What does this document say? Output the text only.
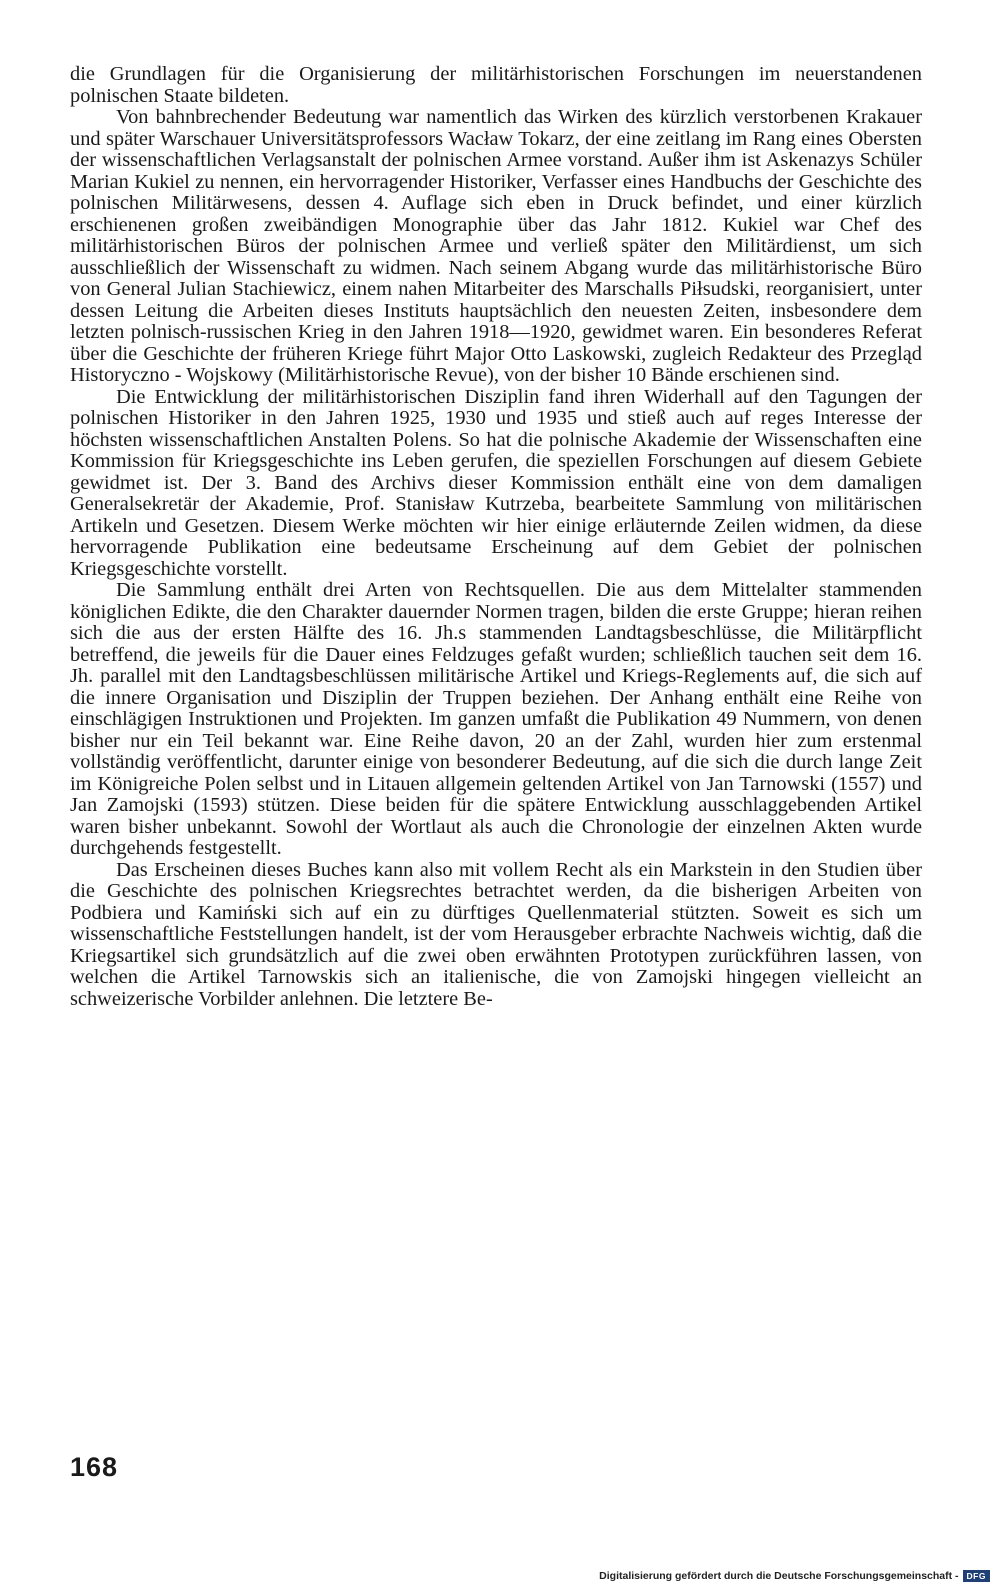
die Grundlagen für die Organisierung der militärhistorischen Forschungen im neuerstandenen polnischen Staate bildeten.

Von bahnbrechender Bedeutung war namentlich das Wirken des kürzlich verstorbenen Krakauer und später Warschauer Universitätsprofessors Wacław Tokarz, der eine zeitlang im Rang eines Obersten der wissenschaftlichen Verlagsanstalt der polnischen Armee vorstand. Außer ihm ist Askenazys Schüler Marian Kukiel zu nennen, ein hervorragender Historiker, Verfasser eines Handbuchs der Geschichte des polnischen Militärwesens, dessen 4. Auflage sich eben in Druck befindet, und einer kürzlich erschienenen großen zweibändigen Monographie über das Jahr 1812. Kukiel war Chef des militärhistorischen Büros der polnischen Armee und verließ später den Militärdienst, um sich ausschließlich der Wissenschaft zu widmen. Nach seinem Abgang wurde das militärhistorische Büro von General Julian Stachiewicz, einem nahen Mitarbeiter des Marschalls Piłsudski, reorganisiert, unter dessen Leitung die Arbeiten dieses Instituts hauptsächlich den neuesten Zeiten, insbesondere dem letzten polnisch-russischen Krieg in den Jahren 1918—1920, gewidmet waren. Ein besonderes Referat über die Geschichte der früheren Kriege führt Major Otto Laskowski, zugleich Redakteur des Przegląd Historyczno - Wojskowy (Militärhistorische Revue), von der bisher 10 Bände erschienen sind.

Die Entwicklung der militärhistorischen Disziplin fand ihren Widerhall auf den Tagungen der polnischen Historiker in den Jahren 1925, 1930 und 1935 und stieß auch auf reges Interesse der höchsten wissenschaftlichen Anstalten Polens. So hat die polnische Akademie der Wissenschaften eine Kommission für Kriegsgeschichte ins Leben gerufen, die speziellen Forschungen auf diesem Gebiete gewidmet ist. Der 3. Band des Archivs dieser Kommission enthält eine von dem damaligen Generalsekretär der Akademie, Prof. Stanisław Kutrzeba, bearbeitete Sammlung von militärischen Artikeln und Gesetzen. Diesem Werke möchten wir hier einige erläuternde Zeilen widmen, da diese hervorragende Publikation eine bedeutsame Erscheinung auf dem Gebiet der polnischen Kriegsgeschichte vorstellt.

Die Sammlung enthält drei Arten von Rechtsquellen. Die aus dem Mittelalter stammenden königlichen Edikte, die den Charakter dauernder Normen tragen, bilden die erste Gruppe; hieran reihen sich die aus der ersten Hälfte des 16. Jh.s stammenden Landtagsbeschlüsse, die Militärpflicht betreffend, die jeweils für die Dauer eines Feldzuges gefaßt wurden; schließlich tauchen seit dem 16. Jh. parallel mit den Landtagsbeschlüssen militärische Artikel und Kriegs-Reglements auf, die sich auf die innere Organisation und Disziplin der Truppen beziehen. Der Anhang enthält eine Reihe von einschlägigen Instruktionen und Projekten. Im ganzen umfaßt die Publikation 49 Nummern, von denen bisher nur ein Teil bekannt war. Eine Reihe davon, 20 an der Zahl, wurden hier zum erstenmal vollständig veröffentlicht, darunter einige von besonderer Bedeutung, auf die sich die durch lange Zeit im Königreiche Polen selbst und in Litauen allgemein geltenden Artikel von Jan Tarnowski (1557) und Jan Zamojski (1593) stützen. Diese beiden für die spätere Entwicklung ausschlaggebenden Artikel waren bisher unbekannt. Sowohl der Wortlaut als auch die Chronologie der einzelnen Akten wurde durchgehends festgestellt.

Das Erscheinen dieses Buches kann also mit vollem Recht als ein Markstein in den Studien über die Geschichte des polnischen Kriegsrechtes betrachtet werden, da die bisherigen Arbeiten von Podbiera und Kamiński sich auf ein zu dürftiges Quellenmaterial stützten. Soweit es sich um wissenschaftliche Feststellungen handelt, ist der vom Herausgeber erbrachte Nachweis wichtig, daß die Kriegsartikel sich grundsätzlich auf die zwei oben erwähnten Prototypen zurückführen lassen, von welchen die Artikel Tarnowskis sich an italienische, die von Zamojski hingegen vielleicht an schweizerische Vorbilder anlehnen. Die letztere Be-

168
Digitalisierung gefördert durch die Deutsche Forschungsgemeinschaft - DFG
